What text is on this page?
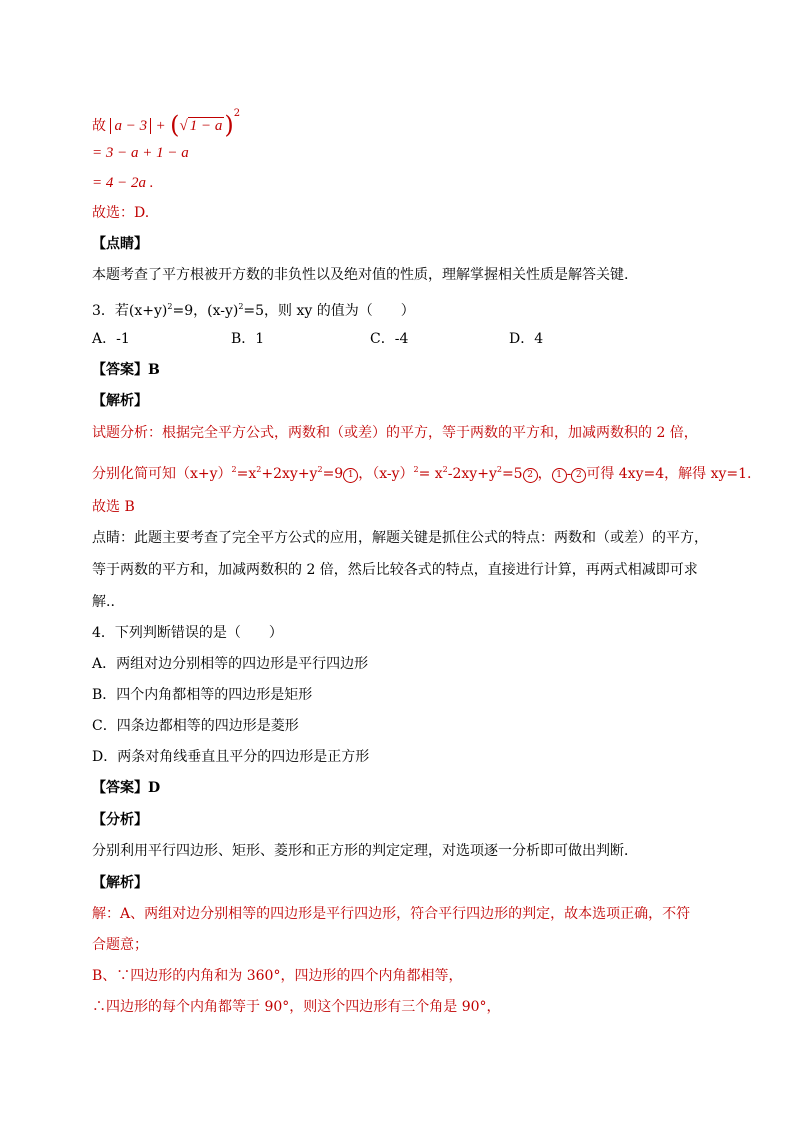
故 a − 3 + (√ 1 − a)$^2$
= 3 − a + 1 − a
= 4 − 2a .
故选：D.
【点睛】
本题考查了平方根被开方数的非负性以及绝对值的性质，理解掌握相关性质是解答关键.
3．若$(x+y)^2=9$，$(x-y)^2=5$，则 xy 的值为（　　）
A．-1	B．1	C．-4	D．4
【答案】B
【解析】
试题分析：根据完全平方公式，两数和（或差）的平方，等于两数的平方和，加减两数积的 2 倍，
分别化简可知$(x+y)^2=x^2+2xy+y^2=9$ 1 ，$(x-y)^2= x^2-2xy+y^2=5$ 2 ， 1 - 2 可得 4xy=4，解得 xy=1.
故选 B
点睛：此题主要考查了完全平方公式的应用，解题关键是抓住公式的特点：两数和（或差）的平方，
等于两数的平方和，加减两数积的 2 倍，然后比较各式的特点，直接进行计算，再两式相减即可求
解..
4．下列判断错误的是（　　）
A．两组对边分别相等的四边形是平行四边形
B．四个内角都相等的四边形是矩形
C．四条边都相等的四边形是菱形
D．两条对角线垂直且平分的四边形是正方形
【答案】D
【分析】
分别利用平行四边形、矩形、菱形和正方形的判定定理，对选项逐一分析即可做出判断．
【解析】
解：A、两组对边分别相等的四边形是平行四边形，符合平行四边形的判定，故本选项正确，不符
合题意；
B、∵四边形的内角和为 360°，四边形的四个内角都相等，
∴四边形的每个内角都等于 90°，则这个四边形有三个角是 90°，
